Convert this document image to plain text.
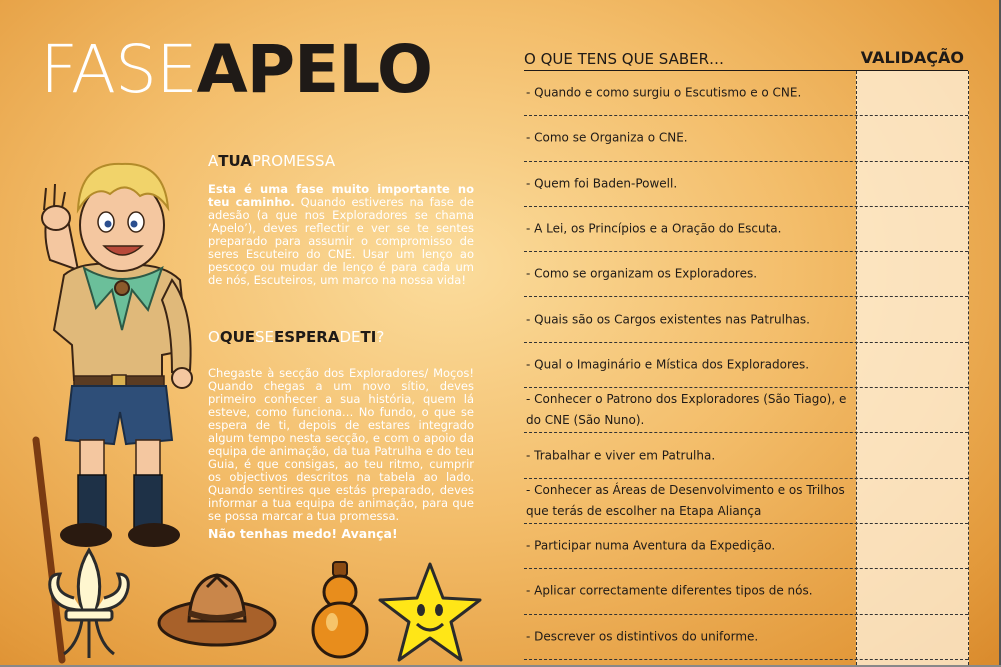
FASEAPELO
ATUAPROMESSA
Esta é uma fase muito importante no teu caminho. Quando estiveres na fase de adesão (a que nos Exploradores se chama ‘Apelo’), deves reflectir e ver se te sentes preparado para assumir o compromisso de seres Escuteiro do CNE. Usar um lenço ao pescoço ou mudar de lenço é para cada um de nós, Escuteiros, um marco na nossa vida!
OQUESEESPERADETI?
Chegaste à secção dos Exploradores/ Moços! Quando chegas a um novo sítio, deves primeiro conhecer a sua história, quem lá esteve, como funciona… No fundo, o que se espera de ti, depois de estares integrado algum tempo nesta secção, e com o apoio da equipa de animação, da tua Patrulha e do teu Guia, é que consigas, ao teu ritmo, cumprir os objectivos descritos na tabela ao lado. Quando sentires que estás preparado, deves informar a tua equipa de animação, para que se possa marcar a tua promessa.
Não tenhas medo! Avança!
O QUE TENS QUE SABER…	VALIDAÇÃO
- Quando e como surgiu o Escutismo e o CNE.
- Como se Organiza o CNE.
- Quem foi Baden-Powell.
- A Lei, os Princípios e a Oração do Escuta.
- Como se organizam os Exploradores.
- Quais são os Cargos existentes nas Patrulhas.
- Qual o Imaginário e Mística dos Exploradores.
- Conhecer o Patrono dos Exploradores (São Tiago), e do CNE (São Nuno).
- Trabalhar e viver em Patrulha.
- Conhecer as Áreas de Desenvolvimento e os Trilhos que terás de escolher na Etapa Aliança
- Participar numa Aventura da Expedição.
- Aplicar correctamente diferentes tipos de nós.
- Descrever os distintivos do uniforme.
